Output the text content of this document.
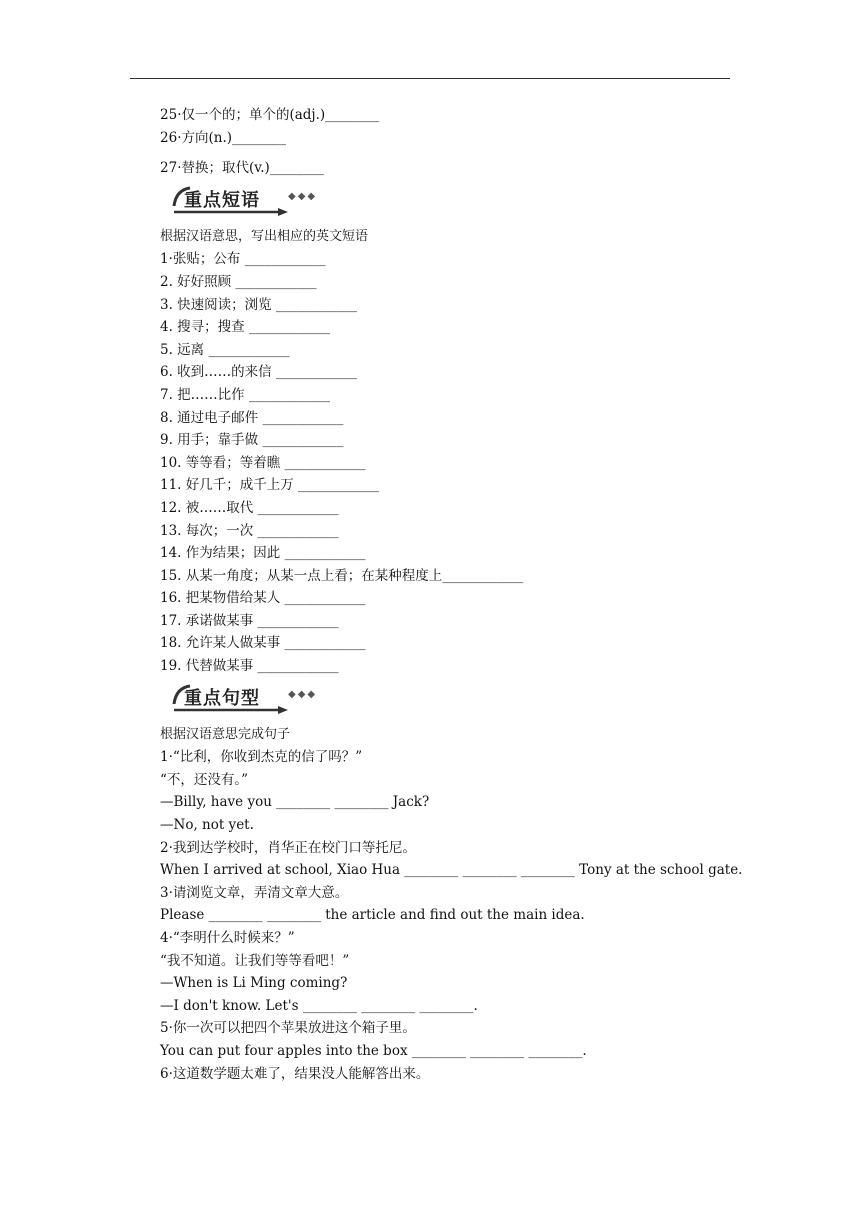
25·仅一个的；单个的(adj.)________
26·方向(n.)________
27·替换；取代(v.)________
重点短语	◆◆◆
根据汉语意思，写出相应的英文短语
1·张贴；公布 ____________
2. 好好照顾 ____________
3. 快速阅读；浏览 ____________
4. 搜寻；搜查 ____________
5. 远离 ____________
6. 收到……的来信 ____________
7. 把……比作 ____________
8. 通过电子邮件 ____________
9. 用手；靠手做 ____________
10. 等等看；等着瞧 ____________
11. 好几千；成千上万 ____________
12. 被……取代 ____________
13. 每次；一次 ____________
14. 作为结果；因此 ____________
15. 从某一角度；从某一点上看；在某种程度上____________
16. 把某物借给某人 ____________
17. 承诺做某事 ____________
18. 允许某人做某事 ____________
19. 代替做某事 ____________
重点句型	◆◆◆
根据汉语意思完成句子
1·“比利，你收到杰克的信了吗？”
“不，还没有。”
—Billy, have you ________ ________ Jack?
—No, not yet.
2·我到达学校时，肖华正在校门口等托尼。
When I arrived at school, Xiao Hua ________ ________ ________ Tony at the school gate.
3·请浏览文章，弄清文章大意。
Please ________ ________ the article and find out the main idea.
4·“李明什么时候来？”
“我不知道。让我们等等看吧！”
—When is Li Ming coming?
—I don't know. Let's ________ ________ ________.
5·你一次可以把四个苹果放进这个箱子里。
You can put four apples into the box ________ ________ ________.
6·这道数学题太难了，结果没人能解答出来。
